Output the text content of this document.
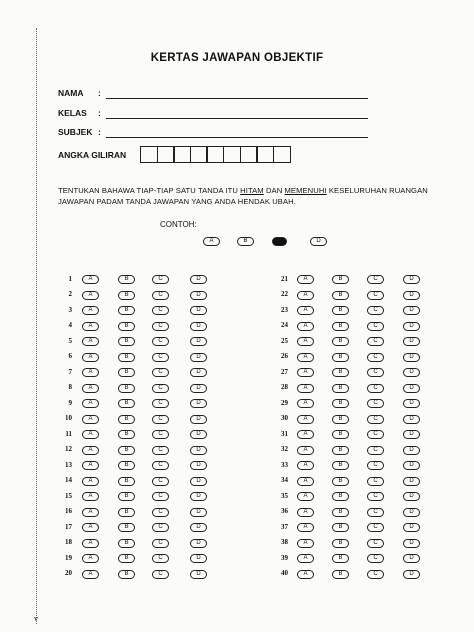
KERTAS JAWAPAN OBJEKTIF
NAMA :
KELAS :
SUBJEK :
ANGKA GILIRAN
TENTUKAN BAHAWA TIAP-TIAP SATU TANDA ITU HITAM DAN MEMENUHI KESELURUHAN RUANGAN JAWAPAN PADAM TANDA JAWAPAN YANG ANDA HENDAK UBAH.
CONTOH:
A	B	D
1	A	B	C	D
2	A	B	C	D
3	A	B	C	D
4	A	B	C	D
5	A	B	C	D
6	A	B	C	D
7	A	B	C	D
8	A	B	C	D
9	A	B	C	D
10	A	B	C	D
11	A	B	C	D
12	A	B	C	D
13	A	B	C	D
14	A	B	C	D
15	A	B	C	D
16	A	B	C	D
17	A	B	C	D
18	A	B	C	D
19	A	B	C	D
20	A	B	C	D
21	A	B	C	D
22	A	B	C	D
23	A	B	C	D
24	A	B	C	D
25	A	B	C	D
26	A	B	C	D
27	A	B	C	D
28	A	B	C	D
29	A	B	C	D
30	A	B	C	D
31	A	B	C	D
32	A	B	C	D
33	A	B	C	D
34	A	B	C	D
35	A	B	C	D
36	A	B	C	D
37	A	B	C	D
38	A	B	C	D
39	A	B	C	D
40	A	B	C	D
v
